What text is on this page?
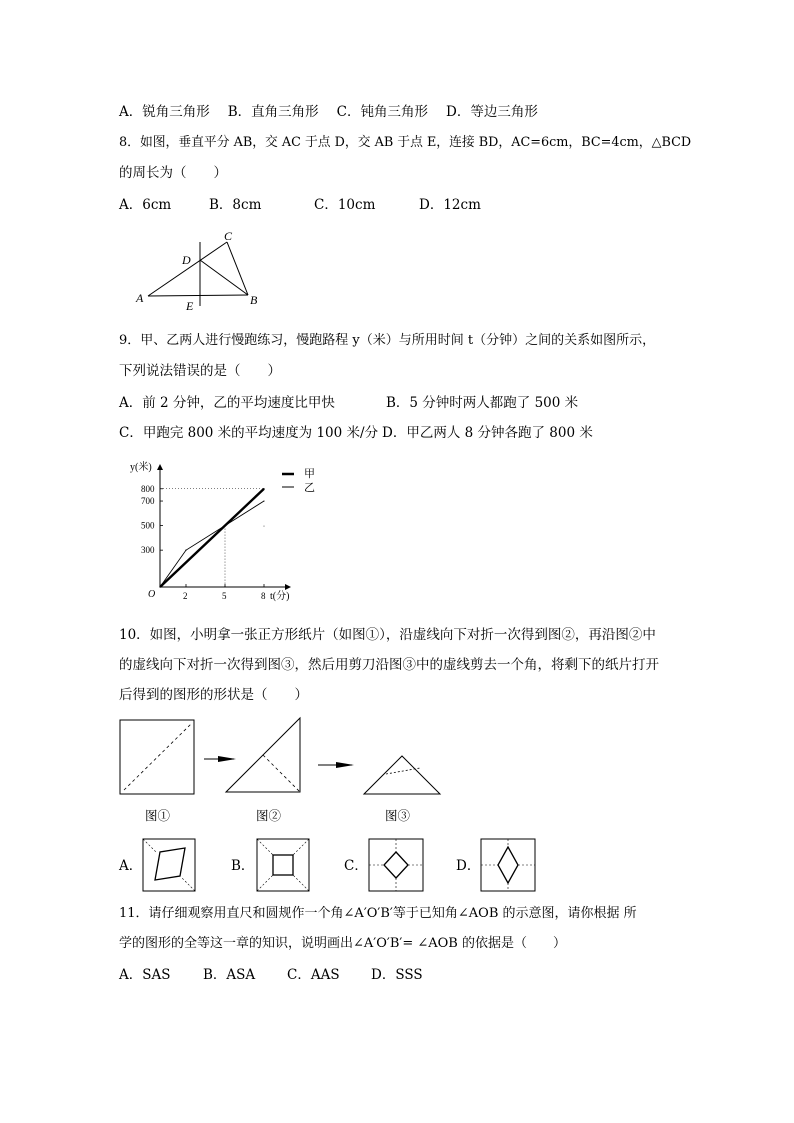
A．锐角三角形 B．直角三角形 C．钝角三角形 D．等边三角形
8．如图，垂直平分 AB，交 AC 于点 D，交 AB 于点 E，连接 BD，AC=6cm，BC=4cm，△BCD
的周长为（　　）
A．6cm	B．8cm	C．10cm	D．12cm
A	B
C
D
E
9．甲、乙两人进行慢跑练习，慢跑路程 y（米）与所用时间 t（分钟）之间的关系如图所示，
下列说法错误的是（　　）
A．前 2 分钟，乙的平均速度比甲快	B．5 分钟时两人都跑了 500 米
C．甲跑完 800 米的平均速度为 100 米/分 D．甲乙两人 8 分钟各跑了 800 米
y(米)
t(分)
O	2	5	8
300
500
700
800
甲
乙
10．如图，小明拿一张正方形纸片（如图①），沿虚线向下对折一次得到图②，再沿图②中
的虚线向下对折一次得到图③，然后用剪刀沿图③中的虚线剪去一个角，将剩下的纸片打开
后得到的图形的形状是（　　）
图①	图②	图③
A．	B．	C．	D．
11．请仔细观察用直尺和圆规作一个角∠A′O′B′等于已知角∠AOB 的示意图，请你根据 所
学的图形的全等这一章的知识，说明画出∠A′O′B′= ∠AOB 的依据是（　　）
A．SAS B．ASA C．AAS D．SSS
